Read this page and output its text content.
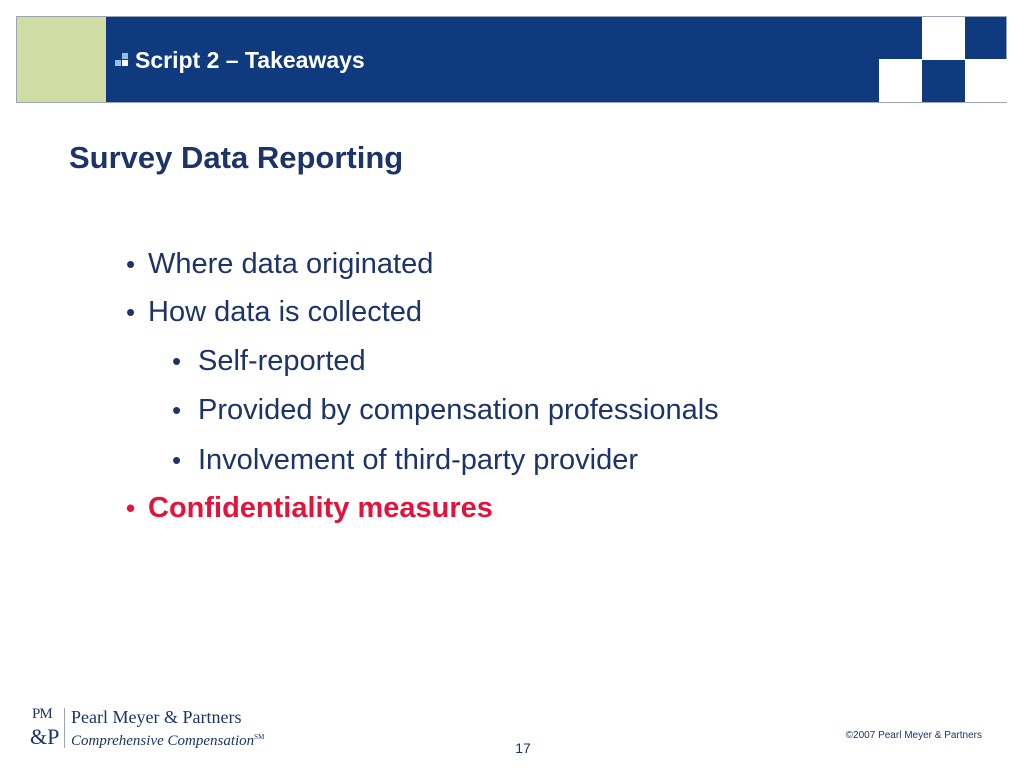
Script 2 – Takeaways
Survey Data Reporting
• Where data originated
• How data is collected
• Self-reported
• Provided by compensation professionals
• Involvement of third-party provider
• Confidentiality measures
PM
&P
Pearl Meyer & Partners
Comprehensive Compensation℠
17
©2007 Pearl Meyer & Partners
